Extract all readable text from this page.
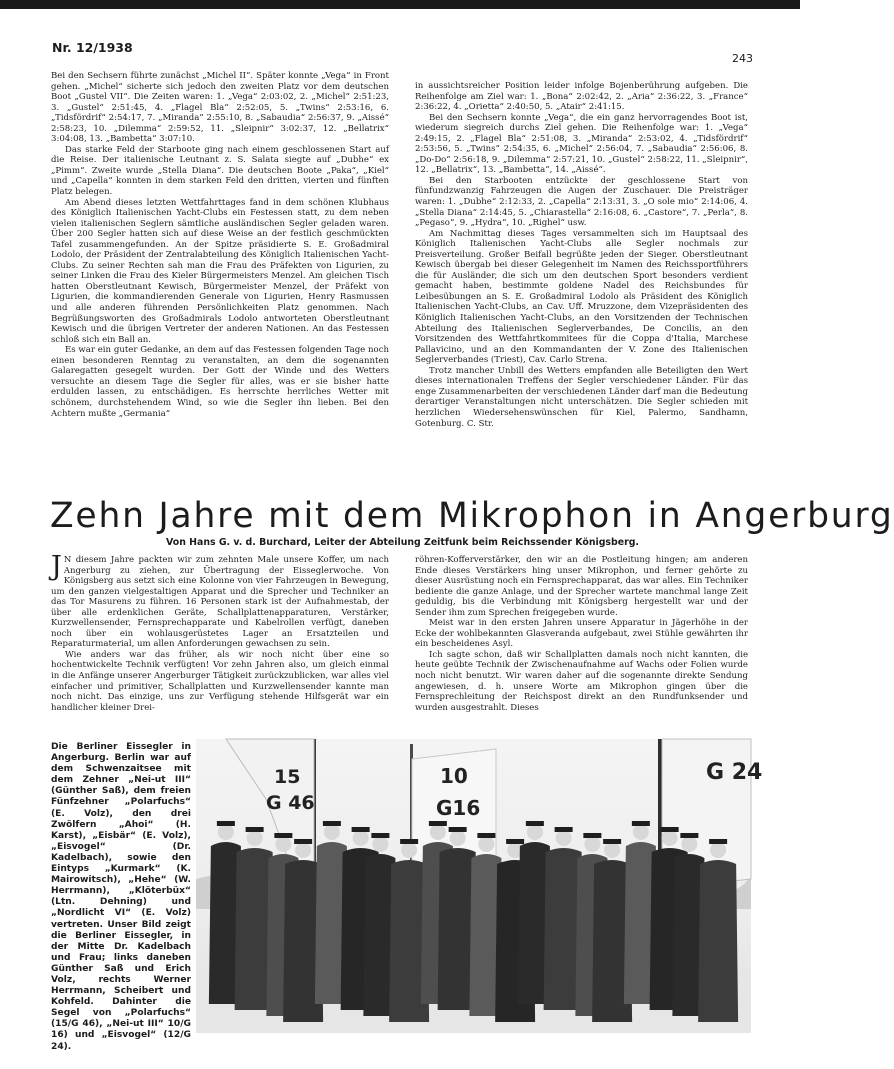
Nr. 12/1938
243

Bei den Sechsern führte zunächst „Michel II“. Später konnte „Vega“ in Front gehen. „Michel“ sicherte sich jedoch den zweiten Platz vor dem deutschen Boot „Gustel VII“. Die Zeiten waren: 1. „Vega“ 2:03:02, 2. „Michel“ 2:51:23, 3. „Gustel“ 2:51:45, 4. „Flagel Bla“ 2:52:05, 5. „Twins“ 2:53:16, 6. „Tidsfördrif“ 2:54:17, 7. „Miranda“ 2:55:10, 8. „Sabaudia“ 2:56:37, 9. „Aissé“ 2:58:23, 10. „Dilemma“ 2:59:52, 11. „Sleipnir“ 3:02:37, 12. „Bellatrix“ 3:04:08, 13. „Bambetta“ 3:07:10.

Das starke Feld der Starboote ging nach einem geschlossenen Start auf die Reise. Der italienische Leutnant z. S. Salata siegte auf „Dubhe“ ex „Pimm“. Zweite wurde „Stella Diana“. Die deutschen Boote „Paka“, „Kiel“ und „Capella“ konnten in dem starken Feld den dritten, vierten und fünften Platz belegen.

Am Abend dieses letzten Wettfahrttages fand in dem schönen Klubhaus des Königlich Italienischen Yacht-Clubs ein Festessen statt, zu dem neben vielen italienischen Seglern sämtliche ausländischen Segler geladen waren. Über 200 Segler hatten sich auf diese Weise an der festlich geschmückten Tafel zusammengefunden. An der Spitze präsidierte S. E. Großadmiral Lodolo, der Präsident der Zentralabteilung des Königlich Italienischen Yacht-Clubs. Zu seiner Rechten sah man die Frau des Präfekten von Ligurien, zu seiner Linken die Frau des Kieler Bürgermeisters Menzel. Am gleichen Tisch hatten Oberstleutnant Kewisch, Bürgermeister Menzel, der Präfekt von Ligurien, die kommandierenden Generale von Ligurien, Henry Rasmussen und alle anderen führenden Persönlichkeiten Platz genommen. Nach Begrüßungsworten des Großadmirals Lodolo antworteten Oberstleutnant Kewisch und die übrigen Vertreter der anderen Nationen. An das Festessen schloß sich ein Ball an.

Es war ein guter Gedanke, an dem auf das Festessen folgenden Tage noch einen besonderen Renntag zu veranstalten, an dem die sogenannten Galaregatten gesegelt wurden. Der Gott der Winde und des Wetters versuchte an diesem Tage die Segler für alles, was er sie bisher hatte erdulden lassen, zu entschädigen. Es herrschte herrliches Wetter mit schönem, durchstehendem Wind, so wie die Segler ihn lieben. Bei den Achtern mußte „Germania“

in aussichtsreicher Position leider infolge Bojenberührung aufgeben. Die Reihenfolge am Ziel war: 1. „Bona“ 2:02:42, 2. „Aria“ 2:36:22, 3. „France“ 2:36:22, 4. „Orietta“ 2:40:50, 5. „Atair“ 2:41:15.

Bei den Sechsern konnte „Vega“, die ein ganz hervorragendes Boot ist, wiederum siegreich durchs Ziel gehen. Die Reihenfolge war: 1. „Vega“ 2:49:15, 2. „Flagel Bla“ 2:51:08, 3. „Miranda“ 2:53:02, 4. „Tidsfördrif“ 2:53:56, 5. „Twins“ 2:54:35, 6. „Michel“ 2:56:04, 7. „Sabaudia“ 2:56:06, 8. „Do-Do“ 2:56:18, 9. „Dilemma“ 2:57:21, 10. „Gustel“ 2:58:22, 11. „Sleipnir“, 12. „Bellatrix“, 13. „Bambetta“, 14. „Aissé“.

Bei den Starbooten entzückte der geschlossene Start von fünfundzwanzig Fahrzeugen die Augen der Zuschauer. Die Preisträger waren: 1. „Dubhe“ 2:12:33, 2. „Capella“ 2:13:31, 3. „O sole mio“ 2:14:06, 4. „Stella Diana“ 2:14:45, 5. „Chiarastella“ 2:16:08, 6. „Castore“, 7. „Perla“, 8. „Pegaso“, 9. „Hydra“, 10. „Righel“ usw.

Am Nachmittag dieses Tages versammelten sich im Hauptsaal des Königlich Italienischen Yacht-Clubs alle Segler nochmals zur Preisverteilung. Großer Beifall begrüßte jeden der Sieger. Oberstleutnant Kewisch übergab bei dieser Gelegenheit im Namen des Reichssportführers die für Ausländer, die sich um den deutschen Sport besonders verdient gemacht haben, bestimmte goldene Nadel des Reichsbundes für Leibesübungen an S. E. Großadmiral Lodolo als Präsident des Königlich Italienischen Yacht-Clubs, an Cav. Uff. Mruzzone, dem Vizepräsidenten des Königlich Italienischen Yacht-Clubs, an den Vorsitzenden der Technischen Abteilung des Italienischen Seglerverbandes, De Concilis, an den Vorsitzenden des Wettfahrtkommitees für die Coppa d'Italia, Marchese Pallavicino, und an den Kommandanten der V. Zone des Italienischen Seglerverbandes (Triest), Cav. Carlo Strena.

Trotz mancher Unbill des Wetters empfanden alle Beteiligten den Wert dieses internationalen Treffens der Segler verschiedener Länder. Für das enge Zusammenarbeiten der verschiedenen Länder darf man die Bedeutung derartiger Veranstaltungen nicht unterschätzen. Die Segler schieden mit herzlichen Wiedersehenswünschen für Kiel, Palermo, Sandhamn, Gotenburg. C. Str.

Zehn Jahre mit dem Mikrophon in Angerburg
Von Hans G. v. d. Burchard, Leiter der Abteilung Zeitfunk beim Reichssender Königsberg.

J N diesem Jahre packten wir zum zehnten Male unsere Koffer, um nach Angerburg zu ziehen, zur Übertragung der Eisseglerwoche. Von Königsberg aus setzt sich eine Kolonne von vier Fahrzeugen in Bewegung, um den ganzen vielgestaltigen Apparat und die Sprecher und Techniker an das Tor Masurens zu führen. 16 Personen stark ist der Aufnahmestab, der über alle erdenklichen Geräte, Schallplattenapparaturen, Verstärker, Kurzwellensender, Fernsprechapparate und Kabelrollen verfügt, daneben noch über ein wohlausgerüstetes Lager an Ersatzteilen und Reparaturmaterial, um allen Anforderungen gewachsen zu sein.

Wie anders war das früher, als wir noch nicht über eine so hochentwickelte Technik verfügten! Vor zehn Jahren also, um gleich einmal in die Anfänge unserer Angerburger Tätigkeit zurückzublicken, war alles viel einfacher und primitiver, Schallplatten und Kurzwellensender kannte man noch nicht. Das einzige, uns zur Verfügung stehende Hilfsgerät war ein handlicher kleiner Drei-

röhren-Kofferverstärker, den wir an die Postleitung hingen; am anderen Ende dieses Verstärkers hing unser Mikrophon, und ferner gehörte zu dieser Ausrüstung noch ein Fernsprechapparat, das war alles. Ein Techniker bediente die ganze Anlage, und der Sprecher wartete manchmal lange Zeit geduldig, bis die Verbindung mit Königsberg hergestellt war und der Sender ihm zum Sprechen freigegeben wurde.

Meist war in den ersten Jahren unsere Apparatur in Jägerhöhe in der Ecke der wohlbekannten Glasveranda aufgebaut, zwei Stühle gewährten ihr ein bescheidenes Asyl.

Ich sagte schon, daß wir Schallplatten damals noch nicht kannten, die heute geübte Technik der Zwischenaufnahme auf Wachs oder Folien wurde noch nicht benutzt. Wir waren daher auf die sogenannte direkte Sendung angewiesen, d. h. unsere Worte am Mikrophon gingen über die Fernsprechleitung der Reichspost direkt an den Rundfunksender und wurden ausgestrahlt. Dieses

Die Berliner Eissegler in Angerburg. Berlin war auf dem Schwenzaitsee mit dem Zehner „Nei-ut III“ (Günther Saß), dem freien Fünfzehner „Polarfuchs“ (E. Volz), den drei Zwölfern „Ahoi“ (H. Karst), „Eisbär“ (E. Volz), „Eisvogel“ (Dr. Kadelbach), sowie den Eintyps „Kurmark“ (K. Mairowitsch), „Hehe“ (W. Herrmann), „Klöterbüx“ (Ltn. Dehning) und „Nordlicht VI“ (E. Volz) vertreten. Unser Bild zeigt die Berliner Eissegler, in der Mitte Dr. Kadelbach und Frau; links daneben Günther Saß und Erich Volz, rechts Werner Herrmann, Scheibert und Kohfeld. Dahinter die Segel von „Polarfuchs“ (15/G 46), „Nei-ut III“ 10/G 16) und „Eisvogel“ (12/G 24).
15
G 46
10
G16
G 24
